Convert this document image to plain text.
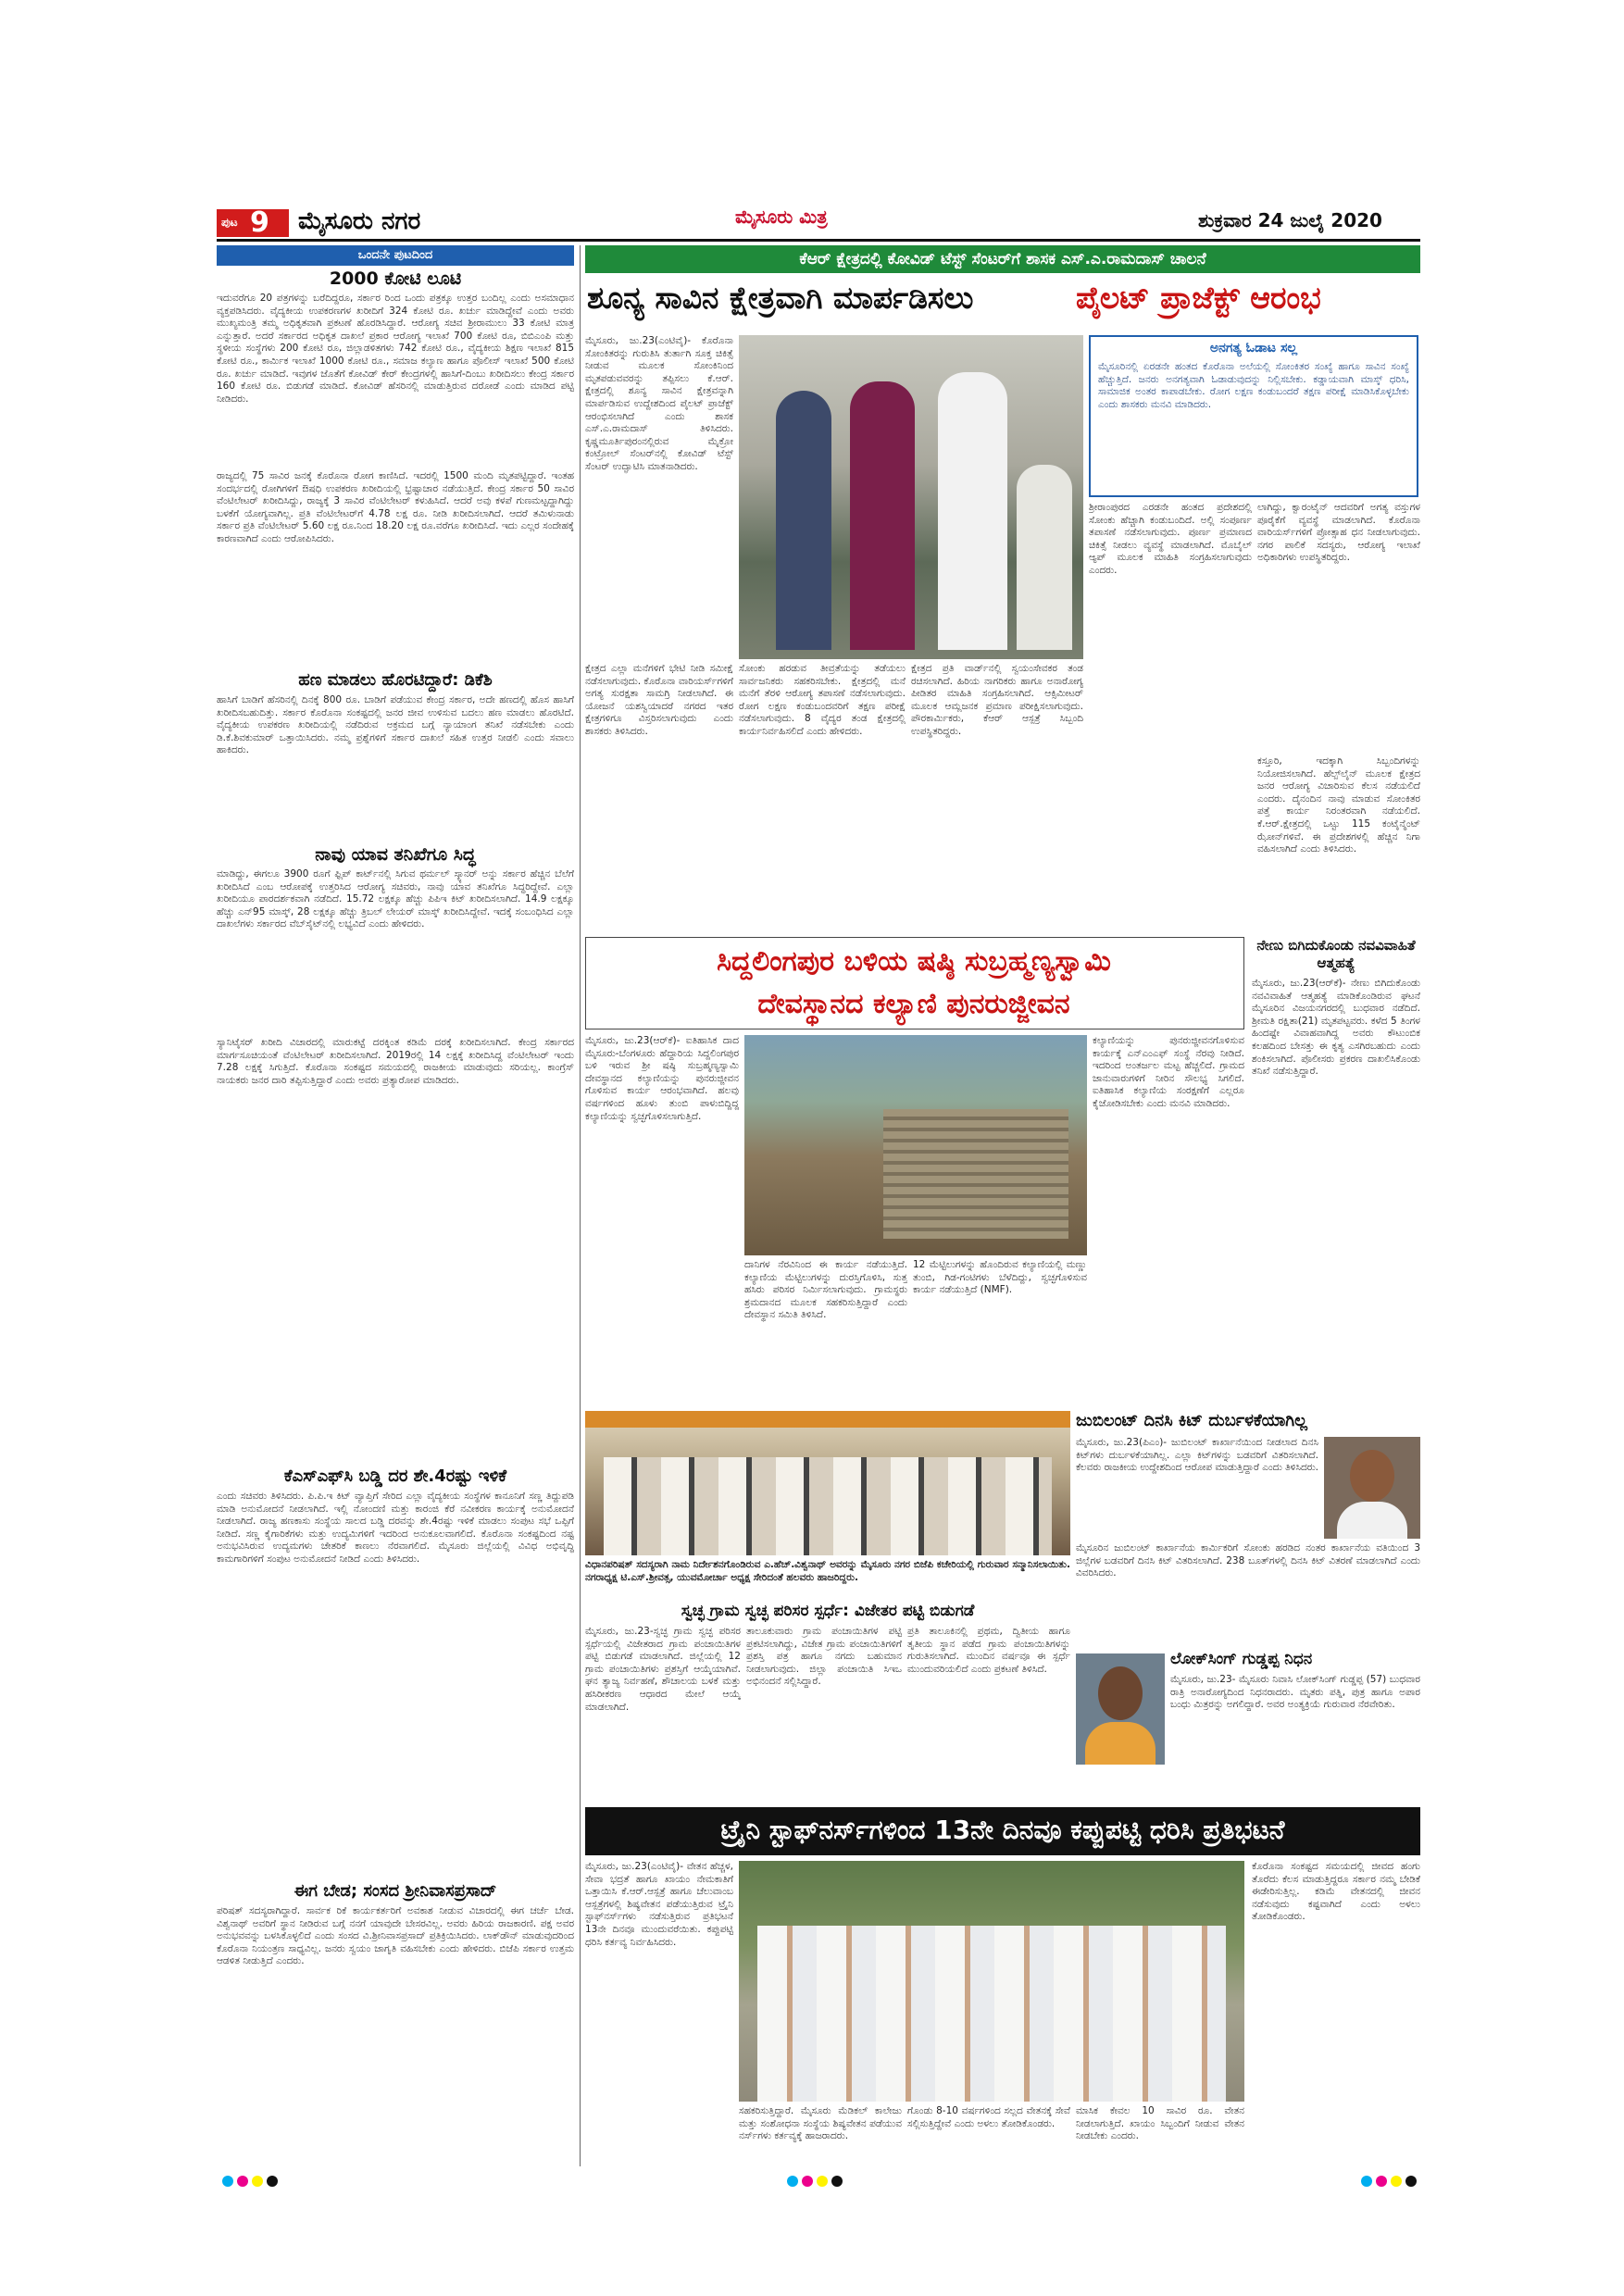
ಪುಟ 9 ಮೈಸೂರು ನಗರ	ಮೈಸೂರು ಮಿತ್ರ	ಶುಕ್ರವಾರ 24 ಜುಲೈ 2020
ಒಂದನೇ ಪುಟದಿಂದ
2000 ಕೋಟಿ ಲೂಟಿ
ಇದುವರೆಗೂ 20 ಪತ್ರಗಳನ್ನು ಬರೆದಿದ್ದರೂ, ಸರ್ಕಾರ ರಿಂದ ಒಂದು ಪತ್ರಕ್ಕೂ ಉತ್ತರ ಬಂದಿಲ್ಲ ಎಂದು ಅಸಮಾಧಾನ ವ್ಯಕ್ತಪಡಿಸಿದರು. ವೈದ್ಯಕೀಯ ಉಪಕರಣಗಳ ಖರೀದಿಗೆ 324 ಕೋಟಿ ರೂ. ಖರ್ಚು ಮಾಡಿದ್ದೇವೆ ಎಂದು ಅವರು ಮುಖ್ಯಮಂತ್ರಿ ತಮ್ಮ ಅಧಿಕೃತವಾಗಿ ಪ್ರಕಟಣೆ ಹೊರಡಿಸಿದ್ದಾರೆ. ಆರೋಗ್ಯ ಸಚಿವ ಶ್ರೀರಾಮುಲು 33 ಕೋಟಿ ಮಾತ್ರ ಎನ್ನುತ್ತಾರೆ. ಅದರೆ ಸರ್ಕಾರದ ಅಧಿಕೃತ ದಾಖಲೆ ಪ್ರಕಾರ ಆರೋಗ್ಯ ಇಲಾಖೆ 700 ಕೋಟಿ ರೂ, ಬಿಬಿಎಂಪಿ ಮತ್ತು ಸ್ಥಳೀಯ ಸಂಸ್ಥೆಗಳು 200 ಕೋಟಿ ರೂ, ಜಿಲ್ಲಾಡಳಿತಗಳು 742 ಕೋಟಿ ರೂ., ವೈದ್ಯಕೀಯ ಶಿಕ್ಷಣ ಇಲಾಖೆ 815 ಕೋಟಿ ರೂ., ಕಾರ್ಮಿಕ ಇಲಾಖೆ 1000 ಕೋಟಿ ರೂ., ಸಮಾಜ ಕಲ್ಯಾಣ ಹಾಗೂ ಪೊಲೀಸ್ ಇಲಾಖೆ 500 ಕೋಟಿ ರೂ. ಖರ್ಚು ಮಾಡಿದೆ. ಇವುಗಳ ಜೊತೆಗೆ ಕೋವಿಡ್ ಕೇರ್ ಕೇಂದ್ರಗಳಲ್ಲಿ ಹಾಸಿಗೆ-ದಿಂಬು ಖರೀದಿಸಲು ಕೇಂದ್ರ ಸರ್ಕಾರ 160 ಕೋಟಿ ರೂ. ಬಿಡುಗಡೆ ಮಾಡಿದೆ. ಕೋವಿಡ್ ಹೆಸರಿನಲ್ಲಿ ಮಾಡುತ್ತಿರುವ ದರೋಡೆ ಎಂದು ಮಾಡಿದ ಪಟ್ಟಿ ನೀಡಿದರು.
ರಾಜ್ಯದಲ್ಲಿ 75 ಸಾವಿರ ಜನಕ್ಕೆ ಕೊರೊನಾ ರೋಗ ಕಾಣಿಸಿದೆ. ಇದರಲ್ಲಿ 1500 ಮಂದಿ ಮೃತಪಟ್ಟಿದ್ದಾರೆ. ಇಂತಹ ಸಂದರ್ಭದಲ್ಲಿ ರೋಗಿಗಳಿಗೆ ಔಷಧಿ ಉಪಕರಣ ಖರೀದಿಯಲ್ಲಿ ಭ್ರಷ್ಟಾಚಾರ ನಡೆಯುತ್ತಿದೆ. ಕೇಂದ್ರ ಸರ್ಕಾರ 50 ಸಾವಿರ ವೆಂಟಿಲೇಟರ್ ಖರೀದಿಸಿದ್ದು, ರಾಜ್ಯಕ್ಕೆ 3 ಸಾವಿರ ವೆಂಟಿಲೇಟರ್ ಕಳುಹಿಸಿದೆ. ಆದರೆ ಅವು ಕಳಪೆ ಗುಣಮಟ್ಟದ್ದಾಗಿದ್ದು ಬಳಕೆಗೆ ಯೋಗ್ಯವಾಗಿಲ್ಲ. ಪ್ರತಿ ವೆಂಟಿಲೇಟರ್‌ಗೆ 4.78 ಲಕ್ಷ ರೂ. ನೀಡಿ ಖರೀದಿಸಲಾಗಿದೆ. ಆದರೆ ತಮಿಳುನಾಡು ಸರ್ಕಾರ ಪ್ರತಿ ವೆಂಟಿಲೇಟರ್ 5.60 ಲಕ್ಷ ರೂ.ನಿಂದ 18.20 ಲಕ್ಷ ರೂ.ವರೆಗೂ ಖರೀದಿಸಿದೆ. ಇದು ಎಲ್ಲರ ಸಂದೇಹಕ್ಕೆ ಕಾರಣವಾಗಿದೆ ಎಂದು ಆರೋಪಿಸಿದರು.
ಹಣ ಮಾಡಲು ಹೊರಟಿದ್ದಾರೆ: ಡಿಕೆಶಿ
ಹಾಸಿಗೆ ಬಾಡಿಗೆ ಹೆಸರಿನಲ್ಲಿ ದಿನಕ್ಕೆ 800 ರೂ. ಬಾಡಿಗೆ ಪಡೆಯುವ ಕೇಂದ್ರ ಸರ್ಕಾರ, ಅದೇ ಹಣದಲ್ಲಿ ಹೊಸ ಹಾಸಿಗೆ ಖರೀದಿಸಬಹುದಿತ್ತು. ಸರ್ಕಾರ ಕೊರೊನಾ ಸಂಕಷ್ಟದಲ್ಲಿ ಜನರ ಜೀವ ಉಳಿಸುವ ಬದಲು ಹಣ ಮಾಡಲು ಹೊರಟಿದೆ. ವೈದ್ಯಕೀಯ ಉಪಕರಣ ಖರೀದಿಯಲ್ಲಿ ನಡೆದಿರುವ ಅಕ್ರಮದ ಬಗ್ಗೆ ನ್ಯಾಯಾಂಗ ತನಿಖೆ ನಡೆಸಬೇಕು ಎಂದು ಡಿ.ಕೆ.ಶಿವಕುಮಾರ್ ಒತ್ತಾಯಿಸಿದರು. ನಮ್ಮ ಪ್ರಶ್ನೆಗಳಿಗೆ ಸರ್ಕಾರ ದಾಖಲೆ ಸಹಿತ ಉತ್ತರ ನೀಡಲಿ ಎಂದು ಸವಾಲು ಹಾಕಿದರು.
ನಾವು ಯಾವ ತನಿಖೆಗೂ ಸಿದ್ಧ
ಮಾಡಿದ್ದು, ಈಗಲೂ 3900 ರೂಗೆ ಫ್ಲಿಪ್ ಕಾರ್ಟ್‌ನಲ್ಲಿ ಸಿಗುವ ಥರ್ಮಲ್ ಸ್ಕ್ಯಾನರ್ ಅನ್ನು ಸರ್ಕಾರ ಹೆಚ್ಚಿನ ಬೆಲೆಗೆ ಖರೀದಿಸಿದೆ ಎಂಬ ಆರೋಪಕ್ಕೆ ಉತ್ತರಿಸಿದ ಆರೋಗ್ಯ ಸಚಿವರು, ನಾವು ಯಾವ ತನಿಖೆಗೂ ಸಿದ್ಧರಿದ್ದೇವೆ. ಎಲ್ಲಾ ಖರೀದಿಯೂ ಪಾರದರ್ಶಕವಾಗಿ ನಡೆದಿದೆ. 15.72 ಲಕ್ಷಕ್ಕೂ ಹೆಚ್ಚು ಪಿಪಿಇ ಕಿಟ್ ಖರೀದಿಸಲಾಗಿದೆ. 14.9 ಲಕ್ಷಕ್ಕೂ ಹೆಚ್ಚು ಎನ್95 ಮಾಸ್ಕ್, 28 ಲಕ್ಷಕ್ಕೂ ಹೆಚ್ಚು ತ್ರಿಬಲ್ ಲೇಯರ್ ಮಾಸ್ಕ್ ಖರೀದಿಸಿದ್ದೇವೆ. ಇದಕ್ಕೆ ಸಂಬಂಧಿಸಿದ ಎಲ್ಲಾ ದಾಖಲೆಗಳು ಸರ್ಕಾರದ ವೆಬ್‌ಸೈಟ್‌ನಲ್ಲಿ ಲಭ್ಯವಿದೆ ಎಂದು ಹೇಳಿದರು.
ಸ್ಯಾನಿಟೈಸರ್ ಖರೀದಿ ವಿಚಾರದಲ್ಲಿ ಮಾರುಕಟ್ಟೆ ದರಕ್ಕಿಂತ ಕಡಿಮೆ ದರಕ್ಕೆ ಖರೀದಿಸಲಾಗಿದೆ. ಕೇಂದ್ರ ಸರ್ಕಾರದ ಮಾರ್ಗಸೂಚಿಯಂತೆ ವೆಂಟಿಲೇಟರ್ ಖರೀದಿಸಲಾಗಿದೆ. 2019ರಲ್ಲಿ 14 ಲಕ್ಷಕ್ಕೆ ಖರೀದಿಸಿದ್ದ ವೆಂಟಿಲೇಟರ್ ಇಂದು 7.28 ಲಕ್ಷಕ್ಕೆ ಸಿಗುತ್ತಿದೆ. ಕೊರೊನಾ ಸಂಕಷ್ಟದ ಸಮಯದಲ್ಲಿ ರಾಜಕೀಯ ಮಾಡುವುದು ಸರಿಯಲ್ಲ. ಕಾಂಗ್ರೆಸ್ ನಾಯಕರು ಜನರ ದಾರಿ ತಪ್ಪಿಸುತ್ತಿದ್ದಾರೆ ಎಂದು ಅವರು ಪ್ರತ್ಯಾರೋಪ ಮಾಡಿದರು.
ಕೆಎಸ್‌ಎಫ್‌ಸಿ ಬಡ್ಡಿ ದರ ಶೇ.4ರಷ್ಟು ಇಳಿಕೆ
ಎಂದು ಸಚಿವರು ತಿಳಿಸಿದರು. ಪಿ.ಪಿ.ಇ ಕಿಟ್ ವ್ಯಾಪ್ತಿಗೆ ಸೇರಿದ ಎಲ್ಲಾ ವೈದ್ಯಕೀಯ ಸಂಸ್ಥೆಗಳ ಕಾನೂನಿಗೆ ಸಣ್ಣ ತಿದ್ದುಪಡಿ ಮಾಡಿ ಅನುಮೋದನೆ ನೀಡಲಾಗಿದೆ. ಇಲ್ಲಿ ನೋಂದಣಿ ಮತ್ತು ಕಾರಂಜಿ ಕೆರೆ ನವೀಕರಣ ಕಾರ್ಯಕ್ಕೆ ಅನುಮೋದನೆ ನೀಡಲಾಗಿದೆ. ರಾಜ್ಯ ಹಣಕಾಸು ಸಂಸ್ಥೆಯ ಸಾಲದ ಬಡ್ಡಿ ದರವನ್ನು ಶೇ.4ರಷ್ಟು ಇಳಿಕೆ ಮಾಡಲು ಸಂಪುಟ ಸಭೆ ಒಪ್ಪಿಗೆ ನೀಡಿದೆ. ಸಣ್ಣ ಕೈಗಾರಿಕೆಗಳು ಮತ್ತು ಉದ್ಯಮಿಗಳಿಗೆ ಇದರಿಂದ ಅನುಕೂಲವಾಗಲಿದೆ. ಕೊರೊನಾ ಸಂಕಷ್ಟದಿಂದ ನಷ್ಟ ಅನುಭವಿಸಿರುವ ಉದ್ಯಮಗಳು ಚೇತರಿಕೆ ಕಾಣಲು ನೆರವಾಗಲಿದೆ. ಮೈಸೂರು ಜಿಲ್ಲೆಯಲ್ಲಿ ವಿವಿಧ ಅಭಿವೃದ್ಧಿ ಕಾಮಗಾರಿಗಳಿಗೆ ಸಂಪುಟ ಅನುಮೋದನೆ ನೀಡಿದೆ ಎಂದು ತಿಳಿಸಿದರು.
ಈಗ ಬೇಡ; ಸಂಸದ ಶ್ರೀನಿವಾಸಪ್ರಸಾದ್
ಪರಿಷತ್ ಸದಸ್ಯರಾಗಿದ್ದಾರೆ. ಸಾರ್ವಕ ರಿಕೆ ಕಾರ್ಯಕರ್ತರಿಗೆ ಅವಕಾಶ ನೀಡುವ ವಿಚಾರದಲ್ಲಿ ಈಗ ಚರ್ಚೆ ಬೇಡ. ವಿಶ್ವನಾಥ್ ಅವರಿಗೆ ಸ್ಥಾನ ನೀಡಿರುವ ಬಗ್ಗೆ ನನಗೆ ಯಾವುದೇ ಬೇಸರವಿಲ್ಲ. ಅವರು ಹಿರಿಯ ರಾಜಕಾರಣಿ. ಪಕ್ಷ ಅವರ ಅನುಭವವನ್ನು ಬಳಸಿಕೊಳ್ಳಲಿದೆ ಎಂದು ಸಂಸದ ವಿ.ಶ್ರೀನಿವಾಸಪ್ರಸಾದ್ ಪ್ರತಿಕ್ರಿಯಿಸಿದರು. ಲಾಕ್‌ಡೌನ್ ಮಾಡುವುದರಿಂದ ಕೊರೊನಾ ನಿಯಂತ್ರಣ ಸಾಧ್ಯವಿಲ್ಲ. ಜನರು ಸ್ವಯಂ ಜಾಗೃತಿ ವಹಿಸಬೇಕು ಎಂದು ಹೇಳಿದರು. ಬಿಜೆಪಿ ಸರ್ಕಾರ ಉತ್ತಮ ಆಡಳಿತ ನೀಡುತ್ತಿದೆ ಎಂದರು.
ಕೆಆರ್ ಕ್ಷೇತ್ರದಲ್ಲಿ ಕೋವಿಡ್ ಟೆಸ್ಟ್ ಸೆಂಟರ್‌ಗೆ ಶಾಸಕ ಎಸ್.ಎ.ರಾಮದಾಸ್ ಚಾಲನೆ
ಶೂನ್ಯ ಸಾವಿನ ಕ್ಷೇತ್ರವಾಗಿ ಮಾರ್ಪಡಿಸಲು	ಪೈಲಟ್ ಪ್ರಾಜೆಕ್ಟ್ ಆರಂಭ
ಮೈಸೂರು, ಜು.23(ಎಂಟಿವೈ)- ಕೊರೊನಾ ಸೋಂಕಿತರನ್ನು ಗುರುತಿಸಿ ತುರ್ತಾಗಿ ಸೂಕ್ತ ಚಿಕಿತ್ಸೆ ನೀಡುವ ಮೂಲಕ ಸೋಂಕಿನಿಂದ ಮೃತಪಡುವವರನ್ನು ತಪ್ಪಿಸಲು ಕೆ.ಆರ್. ಕ್ಷೇತ್ರದಲ್ಲಿ ಶೂನ್ಯ ಸಾವಿನ ಕ್ಷೇತ್ರವನ್ನಾಗಿ ಮಾರ್ಪಡಿಸುವ ಉದ್ದೇಶದಿಂದ ಪೈಲಟ್ ಪ್ರಾಜೆಕ್ಟ್ ಆರಂಭಿಸಲಾಗಿದೆ ಎಂದು ಶಾಸಕ ಎಸ್.ಎ.ರಾಮದಾಸ್ ತಿಳಿಸಿದರು. ಕೃಷ್ಣಮೂರ್ತಿಪುರಂನಲ್ಲಿರುವ ಮೈಕ್ರೋ ಕಂಟ್ರೋಲ್ ಸೆಂಟರ್‌ನಲ್ಲಿ ಕೋವಿಡ್ ಟೆಸ್ಟ್ ಸೆಂಟರ್ ಉದ್ಘಾಟಿಸಿ ಮಾತನಾಡಿದರು.
ಅನಗತ್ಯ ಓಡಾಟ ಸಲ್ಲ
ಮೈಸೂರಿನಲ್ಲಿ ಏರಡನೇ ಹಂತದ ಕೊರೊನಾ ಅಲೆಯಲ್ಲಿ ಸೋಂಕಿತರ ಸಂಖ್ಯೆ ಹಾಗೂ ಸಾವಿನ ಸಂಖ್ಯೆ ಹೆಚ್ಚುತ್ತಿದೆ. ಜನರು ಅನಗತ್ಯವಾಗಿ ಓಡಾಡುವುದನ್ನು ನಿಲ್ಲಿಸಬೇಕು. ಕಡ್ಡಾಯವಾಗಿ ಮಾಸ್ಕ್ ಧರಿಸಿ, ಸಾಮಾಜಿಕ ಅಂತರ ಕಾಪಾಡಬೇಕು. ರೋಗ ಲಕ್ಷಣ ಕಂಡುಬಂದರೆ ತಕ್ಷಣ ಪರೀಕ್ಷೆ ಮಾಡಿಸಿಕೊಳ್ಳಬೇಕು ಎಂದು ಶಾಸಕರು ಮನವಿ ಮಾಡಿದರು.
ಸೋಂಕು ಹರಡುವ ತೀವ್ರತೆಯನ್ನು ತಡೆಯಲು ಸಾರ್ವಜನಿಕರು ಸಹಕರಿಸಬೇಕು. ಕ್ಷೇತ್ರದಲ್ಲಿ ಮನೆ ಮನೆಗೆ ತೆರಳಿ ಆರೋಗ್ಯ ತಪಾಸಣೆ ನಡೆಸಲಾಗುವುದು. ರೋಗ ಲಕ್ಷಣ ಕಂಡುಬಂದವರಿಗೆ ತಕ್ಷಣ ಪರೀಕ್ಷೆ ನಡೆಸಲಾಗುವುದು. 8 ವೈದ್ಯರ ತಂಡ ಕ್ಷೇತ್ರದಲ್ಲಿ ಕಾರ್ಯನಿರ್ವಹಿಸಲಿದೆ ಎಂದು ಹೇಳಿದರು.
ಕ್ಷೇತ್ರದ ಪ್ರತಿ ವಾರ್ಡ್‌ನಲ್ಲಿ ಸ್ವಯಂಸೇವಕರ ತಂಡ ರಚಿಸಲಾಗಿದೆ. ಹಿರಿಯ ನಾಗರಿಕರು ಹಾಗೂ ಅನಾರೋಗ್ಯ ಪೀಡಿತರ ಮಾಹಿತಿ ಸಂಗ್ರಹಿಸಲಾಗಿದೆ. ಆಕ್ಸಿಮೀಟರ್ ಮೂಲಕ ಆಮ್ಲಜನಕ ಪ್ರಮಾಣ ಪರೀಕ್ಷಿಸಲಾಗುವುದು. ಪೌರಕಾರ್ಮಿಕರು, ಕೆಆರ್ ಆಸ್ಪತ್ರೆ ಸಿಬ್ಬಂದಿ ಉಪಸ್ಥಿತರಿದ್ದರು.
ಶ್ರೀರಾಂಪುರದ ಎರಡನೇ ಹಂತದ ಪ್ರದೇಶದಲ್ಲಿ ಸೋಂಕು ಹೆಚ್ಚಾಗಿ ಕಂಡುಬಂದಿದೆ. ಅಲ್ಲಿ ಸಂಪೂರ್ಣ ತಪಾಸಣೆ ನಡೆಸಲಾಗುವುದು. ಪೂರ್ಣ ಪ್ರಮಾಣದ ಚಿಕಿತ್ಸೆ ನೀಡಲು ವ್ಯವಸ್ಥೆ ಮಾಡಲಾಗಿದೆ. ಮೊಬೈಲ್ ಆ್ಯಪ್ ಮೂಲಕ ಮಾಹಿತಿ ಸಂಗ್ರಹಿಸಲಾಗುವುದು ಎಂದರು.
ಲಾಗಿದ್ದು, ಕ್ವಾರಂಟೈನ್ ಆದವರಿಗೆ ಅಗತ್ಯ ವಸ್ತುಗಳ ಪೂರೈಕೆಗೆ ವ್ಯವಸ್ಥೆ ಮಾಡಲಾಗಿದೆ. ಕೊರೊನಾ ವಾರಿಯರ್ಸ್‌ಗಳಿಗೆ ಪ್ರೋತ್ಸಾಹ ಧನ ನೀಡಲಾಗುವುದು. ನಗರ ಪಾಲಿಕೆ ಸದಸ್ಯರು, ಆರೋಗ್ಯ ಇಲಾಖೆ ಅಧಿಕಾರಿಗಳು ಉಪಸ್ಥಿತರಿದ್ದರು.
ಕ್ಷೇತ್ರದ ಎಲ್ಲಾ ಮನೆಗಳಿಗೆ ಭೇಟಿ ನೀಡಿ ಸಮೀಕ್ಷೆ ನಡೆಸಲಾಗುವುದು. ಕೊರೊನಾ ವಾರಿಯರ್ಸ್‌ಗಳಿಗೆ ಅಗತ್ಯ ಸುರಕ್ಷತಾ ಸಾಮಗ್ರಿ ನೀಡಲಾಗಿದೆ. ಈ ಯೋಜನೆ ಯಶಸ್ವಿಯಾದರೆ ನಗರದ ಇತರ ಕ್ಷೇತ್ರಗಳಿಗೂ ವಿಸ್ತರಿಸಲಾಗುವುದು ಎಂದು ಶಾಸಕರು ತಿಳಿಸಿದರು.
ಕಸ್ತೂರಿ, ಇದಕ್ಕಾಗಿ ಸಿಬ್ಬಂದಿಗಳನ್ನು ನಿಯೋಜಿಸಲಾಗಿದೆ. ಹೆಲ್ಪ್‌ಲೈನ್ ಮೂಲಕ ಕ್ಷೇತ್ರದ ಜನರ ಆರೋಗ್ಯ ವಿಚಾರಿಸುವ ಕೆಲಸ ನಡೆಯಲಿದೆ ಎಂದರು. ದೈನಂದಿನ ನಾವು ಮಾಡುವ ಸೋಂಕಿತರ ಪತ್ತೆ ಕಾರ್ಯ ನಿರಂತರವಾಗಿ ನಡೆಯಲಿದೆ. ಕೆ.ಆರ್.ಕ್ಷೇತ್ರದಲ್ಲಿ ಒಟ್ಟು 115 ಕಂಟೈನ್ಮೆಂಟ್ ಝೋನ್‌ಗಳಿವೆ. ಈ ಪ್ರದೇಶಗಳಲ್ಲಿ ಹೆಚ್ಚಿನ ನಿಗಾ ವಹಿಸಲಾಗಿದೆ ಎಂದು ತಿಳಿಸಿದರು.
ಸಿದ್ದಲಿಂಗಪುರ ಬಳಿಯ ಷಷ್ಠಿ ಸುಬ್ರಹ್ಮಣ್ಯಸ್ವಾಮಿ
ದೇವಸ್ಥಾನದ ಕಲ್ಯಾಣಿ ಪುನರುಜ್ಜೀವನ
ಮೈಸೂರು, ಜು.23(ಆರ್‌ಕೆ)- ಐತಿಹಾಸಿಕ ದಾದ ಮೈಸೂರು-ಬೆಂಗಳೂರು ಹೆದ್ದಾರಿಯ ಸಿದ್ದಲಿಂಗಪುರ ಬಳಿ ಇರುವ ಶ್ರೀ ಷಷ್ಠಿ ಸುಬ್ರಹ್ಮಣ್ಯಸ್ವಾಮಿ ದೇವಸ್ಥಾನದ ಕಲ್ಯಾಣಿಯನ್ನು ಪುನರುಜ್ಜೀವನ ಗೊಳಿಸುವ ಕಾರ್ಯ ಆರಂಭವಾಗಿದೆ. ಹಲವು ವರ್ಷಗಳಿಂದ ಹೂಳು ತುಂಬಿ ಪಾಳುಬಿದ್ದಿದ್ದ ಕಲ್ಯಾಣಿಯನ್ನು ಸ್ವಚ್ಛಗೊಳಿಸಲಾಗುತ್ತಿದೆ.
12 ಮೆಟ್ಟಿಲುಗಳನ್ನು ಹೊಂದಿರುವ ಕಲ್ಯಾಣಿಯಲ್ಲಿ ಮಣ್ಣು ತುಂಬಿ, ಗಿಡ-ಗಂಟಿಗಳು ಬೆಳೆದಿದ್ದು, ಸ್ವಚ್ಛಗೊಳಿಸುವ ಕಾರ್ಯ ನಡೆಯುತ್ತಿದೆ (NMF).
ದಾನಿಗಳ ನೆರವಿನಿಂದ ಈ ಕಾರ್ಯ ನಡೆಯುತ್ತಿದೆ. ಕಲ್ಯಾಣಿಯ ಮೆಟ್ಟಿಲುಗಳನ್ನು ದುರಸ್ತಿಗೊಳಿಸಿ, ಸುತ್ತ ಹಸಿರು ಪರಿಸರ ನಿರ್ಮಿಸಲಾಗುವುದು. ಗ್ರಾಮಸ್ಥರು ಶ್ರಮದಾನದ ಮೂಲಕ ಸಹಕರಿಸುತ್ತಿದ್ದಾರೆ ಎಂದು ದೇವಸ್ಥಾನ ಸಮಿತಿ ತಿಳಿಸಿದೆ.
ಕಲ್ಯಾಣಿಯನ್ನು ಪುನರುಜ್ಜೀವನಗೊಳಿಸುವ ಕಾರ್ಯಕ್ಕೆ ಎನ್‌ಎಂಎಫ್ ಸಂಸ್ಥೆ ನೆರವು ನೀಡಿದೆ. ಇದರಿಂದ ಅಂತರ್ಜಲ ಮಟ್ಟ ಹೆಚ್ಚಲಿದೆ. ಗ್ರಾಮದ ಜಾನುವಾರುಗಳಿಗೆ ನೀರಿನ ಸೌಲಭ್ಯ ಸಿಗಲಿದೆ. ಐತಿಹಾಸಿಕ ಕಲ್ಯಾಣಿಯ ಸಂರಕ್ಷಣೆಗೆ ಎಲ್ಲರೂ ಕೈಜೋಡಿಸಬೇಕು ಎಂದು ಮನವಿ ಮಾಡಿದರು.
ನೇಣು ಬಿಗಿದುಕೊಂಡು ನವವಿವಾಹಿತೆ ಆತ್ಮಹತ್ಯೆ
ಮೈಸೂರು, ಜು.23(ಆರ್‌ಕೆ)- ನೇಣು ಬಿಗಿದುಕೊಂಡು ನವವಿವಾಹಿತೆ ಆತ್ಮಹತ್ಯೆ ಮಾಡಿಕೊಂಡಿರುವ ಘಟನೆ ಮೈಸೂರಿನ ವಿಜಯನಗರದಲ್ಲಿ ಬುಧವಾರ ನಡೆದಿದೆ. ಶ್ರೀಮತಿ ರಕ್ಷಿತಾ(21) ಮೃತಪಟ್ಟವರು. ಕಳೆದ 5 ತಿಂಗಳ ಹಿಂದಷ್ಟೇ ವಿವಾಹವಾಗಿದ್ದ ಅವರು ಕೌಟುಂಬಿಕ ಕಲಹದಿಂದ ಬೇಸತ್ತು ಈ ಕೃತ್ಯ ಎಸಗಿರಬಹುದು ಎಂದು ಶಂಕಿಸಲಾಗಿದೆ. ಪೊಲೀಸರು ಪ್ರಕರಣ ದಾಖಲಿಸಿಕೊಂಡು ತನಿಖೆ ನಡೆಸುತ್ತಿದ್ದಾರೆ.
ವಿಧಾನಪರಿಷತ್ ಸದಸ್ಯರಾಗಿ ನಾಮ ನಿರ್ದೇಶನಗೊಂಡಿರುವ ಎ.ಹೆಚ್.ವಿಶ್ವನಾಥ್ ಅವರನ್ನು ಮೈಸೂರು ನಗರ ಬಿಜೆಪಿ ಕಚೇರಿಯಲ್ಲಿ ಗುರುವಾರ ಸನ್ಮಾನಿಸಲಾಯಿತು. ನಗರಾಧ್ಯಕ್ಷ ಟಿ.ಎಸ್.ಶ್ರೀವತ್ಸ, ಯುವಮೋರ್ಚಾ ಅಧ್ಯಕ್ಷ ಸೇರಿದಂತೆ ಹಲವರು ಹಾಜರಿದ್ದರು.
ಜುಬಿಲಂಟ್ ದಿನಸಿ ಕಿಟ್ ದುರ್ಬಳಕೆಯಾಗಿಲ್ಲ
ಮೈಸೂರು, ಜು.23(ಪಿಎಂ)- ಜುಬಿಲಂಟ್ ಕಾರ್ಖಾನೆಯಿಂದ ನೀಡಲಾದ ದಿನಸಿ ಕಿಟ್‌ಗಳು ದುರ್ಬಳಕೆಯಾಗಿಲ್ಲ. ಎಲ್ಲಾ ಕಿಟ್‌ಗಳನ್ನು ಬಡವರಿಗೆ ವಿತರಿಸಲಾಗಿದೆ. ಕೆಲವರು ರಾಜಕೀಯ ಉದ್ದೇಶದಿಂದ ಆರೋಪ ಮಾಡುತ್ತಿದ್ದಾರೆ ಎಂದು ತಿಳಿಸಿದರು.
ಮೈಸೂರಿನ ಜುಬಿಲಂಟ್ ಕಾರ್ಖಾನೆಯ ಕಾರ್ಮಿಕರಿಗೆ ಸೋಂಕು ಹರಡಿದ ನಂತರ ಕಾರ್ಖಾನೆಯ ವತಿಯಿಂದ 3 ಜಿಲ್ಲೆಗಳ ಬಡವರಿಗೆ ದಿನಸಿ ಕಿಟ್ ವಿತರಿಸಲಾಗಿದೆ. 238 ಬೂತ್‌ಗಳಲ್ಲಿ ದಿನಸಿ ಕಿಟ್ ವಿತರಣೆ ಮಾಡಲಾಗಿದೆ ಎಂದು ವಿವರಿಸಿದರು.
ಸ್ವಚ್ಛ ಗ್ರಾಮ ಸ್ವಚ್ಛ ಪರಿಸರ ಸ್ಪರ್ಧೆ: ವಿಜೇತರ ಪಟ್ಟಿ ಬಿಡುಗಡೆ
ಮೈಸೂರು, ಜು.23-ಸ್ವಚ್ಛ ಗ್ರಾಮ ಸ್ವಚ್ಛ ಪರಿಸರ ಸ್ಪರ್ಧೆಯಲ್ಲಿ ವಿಜೇತರಾದ ಗ್ರಾಮ ಪಂಚಾಯಿತಿಗಳ ಪಟ್ಟಿ ಬಿಡುಗಡೆ ಮಾಡಲಾಗಿದೆ. ಜಿಲ್ಲೆಯಲ್ಲಿ 12 ಗ್ರಾಮ ಪಂಚಾಯಿತಿಗಳು ಪ್ರಶಸ್ತಿಗೆ ಆಯ್ಕೆಯಾಗಿವೆ. ಘನ ತ್ಯಾಜ್ಯ ನಿರ್ವಹಣೆ, ಶೌಚಾಲಯ ಬಳಕೆ ಮತ್ತು ಹಸಿರೀಕರಣ ಆಧಾರದ ಮೇಲೆ ಆಯ್ಕೆ ಮಾಡಲಾಗಿದೆ.
ತಾಲೂಕುವಾರು ಗ್ರಾಮ ಪಂಚಾಯಿತಿಗಳ ಪಟ್ಟಿ ಪ್ರಕಟಿಸಲಾಗಿದ್ದು, ವಿಜೇತ ಗ್ರಾಮ ಪಂಚಾಯಿತಿಗಳಿಗೆ ಪ್ರಶಸ್ತಿ ಪತ್ರ ಹಾಗೂ ನಗದು ಬಹುಮಾನ ನೀಡಲಾಗುವುದು. ಜಿಲ್ಲಾ ಪಂಚಾಯಿತಿ ಸಿಇಒ ಅಭಿನಂದನೆ ಸಲ್ಲಿಸಿದ್ದಾರೆ.
ಪ್ರತಿ ತಾಲೂಕಿನಲ್ಲಿ ಪ್ರಥಮ, ದ್ವಿತೀಯ ಹಾಗೂ ತೃತೀಯ ಸ್ಥಾನ ಪಡೆದ ಗ್ರಾಮ ಪಂಚಾಯಿತಿಗಳನ್ನು ಗುರುತಿಸಲಾಗಿದೆ. ಮುಂದಿನ ವರ್ಷವೂ ಈ ಸ್ಪರ್ಧೆ ಮುಂದುವರಿಯಲಿದೆ ಎಂದು ಪ್ರಕಟಣೆ ತಿಳಿಸಿದೆ.
ಲೋಕ್‌ಸಿಂಗ್ ಗುಡ್ಡಪ್ಪ ನಿಧನ
ಮೈಸೂರು, ಜು.23- ಮೈಸೂರು ನಿವಾಸಿ ಲೋಕ್‌ಸಿಂಗ್ ಗುಡ್ಡಪ್ಪ (57) ಬುಧವಾರ ರಾತ್ರಿ ಅನಾರೋಗ್ಯದಿಂದ ನಿಧನರಾದರು. ಮೃತರು ಪತ್ನಿ, ಪುತ್ರ ಹಾಗೂ ಅಪಾರ ಬಂಧು ಮಿತ್ರರನ್ನು ಅಗಲಿದ್ದಾರೆ. ಅವರ ಅಂತ್ಯಕ್ರಿಯೆ ಗುರುವಾರ ನೆರವೇರಿತು.
ಟ್ರೈನಿ ಸ್ಟಾಫ್‌ನರ್ಸ್‌ಗಳಿಂದ 13ನೇ ದಿನವೂ ಕಪ್ಪುಪಟ್ಟಿ ಧರಿಸಿ ಪ್ರತಿಭಟನೆ
ಮೈಸೂರು, ಜು.23(ಎಂಟಿವೈ)- ವೇತನ ಹೆಚ್ಚಳ, ಸೇವಾ ಭದ್ರತೆ ಹಾಗೂ ಖಾಯಂ ನೇಮಕಾತಿಗೆ ಒತ್ತಾಯಿಸಿ ಕೆ.ಆರ್.ಆಸ್ಪತ್ರೆ ಹಾಗೂ ಚೆಲುವಾಂಬ ಆಸ್ಪತ್ರೆಗಳಲ್ಲಿ ಶಿಷ್ಯವೇತನ ಪಡೆಯುತ್ತಿರುವ ಟ್ರೈನಿ ಸ್ಟಾಫ್‌ನರ್ಸ್‌ಗಳು ನಡೆಸುತ್ತಿರುವ ಪ್ರತಿಭಟನೆ 13ನೇ ದಿನವೂ ಮುಂದುವರೆಯಿತು. ಕಪ್ಪುಪಟ್ಟಿ ಧರಿಸಿ ಕರ್ತವ್ಯ ನಿರ್ವಹಿಸಿದರು.
ಕೊರೊನಾ ಸಂಕಷ್ಟದ ಸಮಯದಲ್ಲಿ ಜೀವದ ಹಂಗು ತೊರೆದು ಕೆಲಸ ಮಾಡುತ್ತಿದ್ದರೂ ಸರ್ಕಾರ ನಮ್ಮ ಬೇಡಿಕೆ ಈಡೇರಿಸುತ್ತಿಲ್ಲ. ಕಡಿಮೆ ವೇತನದಲ್ಲಿ ಜೀವನ ನಡೆಸುವುದು ಕಷ್ಟವಾಗಿದೆ ಎಂದು ಅಳಲು ತೋಡಿಕೊಂಡರು.
ಸಹಕರಿಸುತ್ತಿದ್ದಾರೆ. ಮೈಸೂರು ಮೆಡಿಕಲ್ ಕಾಲೇಜು ಮತ್ತು ಸಂಶೋಧನಾ ಸಂಸ್ಥೆಯ ಶಿಷ್ಯವೇತನ ಪಡೆಯುವ ನರ್ಸ್‌ಗಳು ಕರ್ತವ್ಯಕ್ಕೆ ಹಾಜರಾದರು.
ಗೊಂಡು 8-10 ವರ್ಷಗಳಿಂದ ಸಲ್ಲದ ವೇತನಕ್ಕೆ ಸೇವೆ ಸಲ್ಲಿಸುತ್ತಿದ್ದೇವೆ ಎಂದು ಅಳಲು ತೋಡಿಕೊಂಡರು.
ಮಾಸಿಕ ಕೇವಲ 10 ಸಾವಿರ ರೂ. ವೇತನ ನೀಡಲಾಗುತ್ತಿದೆ. ಖಾಯಂ ಸಿಬ್ಬಂದಿಗೆ ನೀಡುವ ವೇತನ ನೀಡಬೇಕು ಎಂದರು.
